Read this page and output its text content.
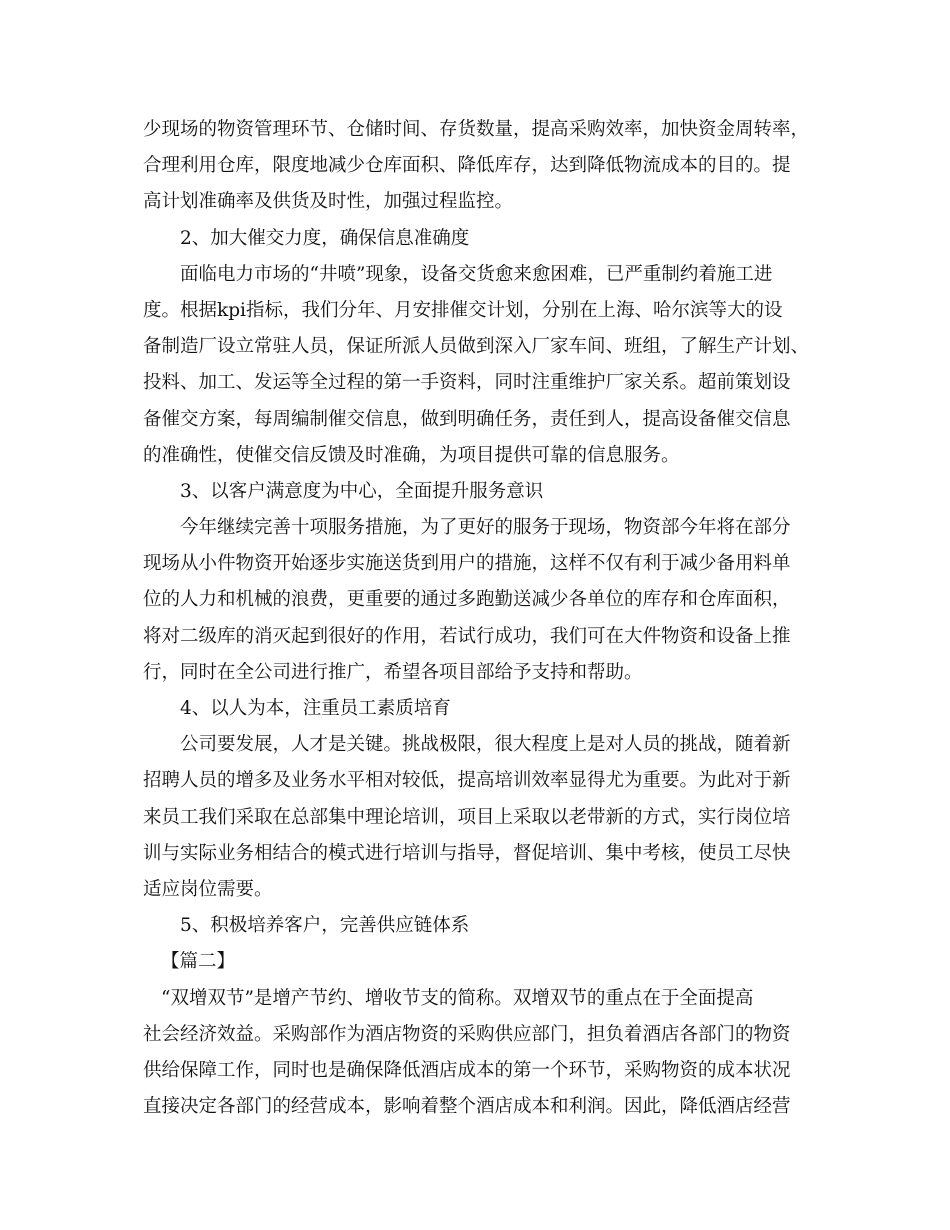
少现场的物资管理环节、仓储时间、存货数量，提高采购效率，加快资金周转率，
合理利用仓库，限度地减少仓库面积、降低库存，达到降低物流成本的目的。提
高计划准确率及供货及时性，加强过程监控。
2、加大催交力度，确保信息准确度
面临电力市场的“井喷”现象，设备交货愈来愈困难，已严重制约着施工进
度。根据kpi指标，我们分年、月安排催交计划，分别在上海、哈尔滨等大的设
备制造厂设立常驻人员，保证所派人员做到深入厂家车间、班组，了解生产计划、
投料、加工、发运等全过程的第一手资料，同时注重维护厂家关系。超前策划设
备催交方案，每周编制催交信息，做到明确任务，责任到人，提高设备催交信息
的准确性，使催交信反馈及时准确，为项目提供可靠的信息服务。
3、以客户满意度为中心，全面提升服务意识
今年继续完善十项服务措施，为了更好的服务于现场，物资部今年将在部分
现场从小件物资开始逐步实施送货到用户的措施，这样不仅有利于减少备用料单
位的人力和机械的浪费，更重要的通过多跑勤送减少各单位的库存和仓库面积，
将对二级库的消灭起到很好的作用，若试行成功，我们可在大件物资和设备上推
行，同时在全公司进行推广，希望各项目部给予支持和帮助。
4、以人为本，注重员工素质培育
公司要发展，人才是关键。挑战极限，很大程度上是对人员的挑战，随着新
招聘人员的增多及业务水平相对较低，提高培训效率显得尤为重要。为此对于新
来员工我们采取在总部集中理论培训，项目上采取以老带新的方式，实行岗位培
训与实际业务相结合的模式进行培训与指导，督促培训、集中考核，使员工尽快
适应岗位需要。
5、积极培养客户，完善供应链体系
【篇二】
“双增双节”是增产节约、增收节支的简称。双增双节的重点在于全面提高
社会经济效益。采购部作为酒店物资的采购供应部门，担负着酒店各部门的物资
供给保障工作，同时也是确保降低酒店成本的第一个环节，采购物资的成本状况
直接决定各部门的经营成本，影响着整个酒店成本和利润。因此，降低酒店经营
